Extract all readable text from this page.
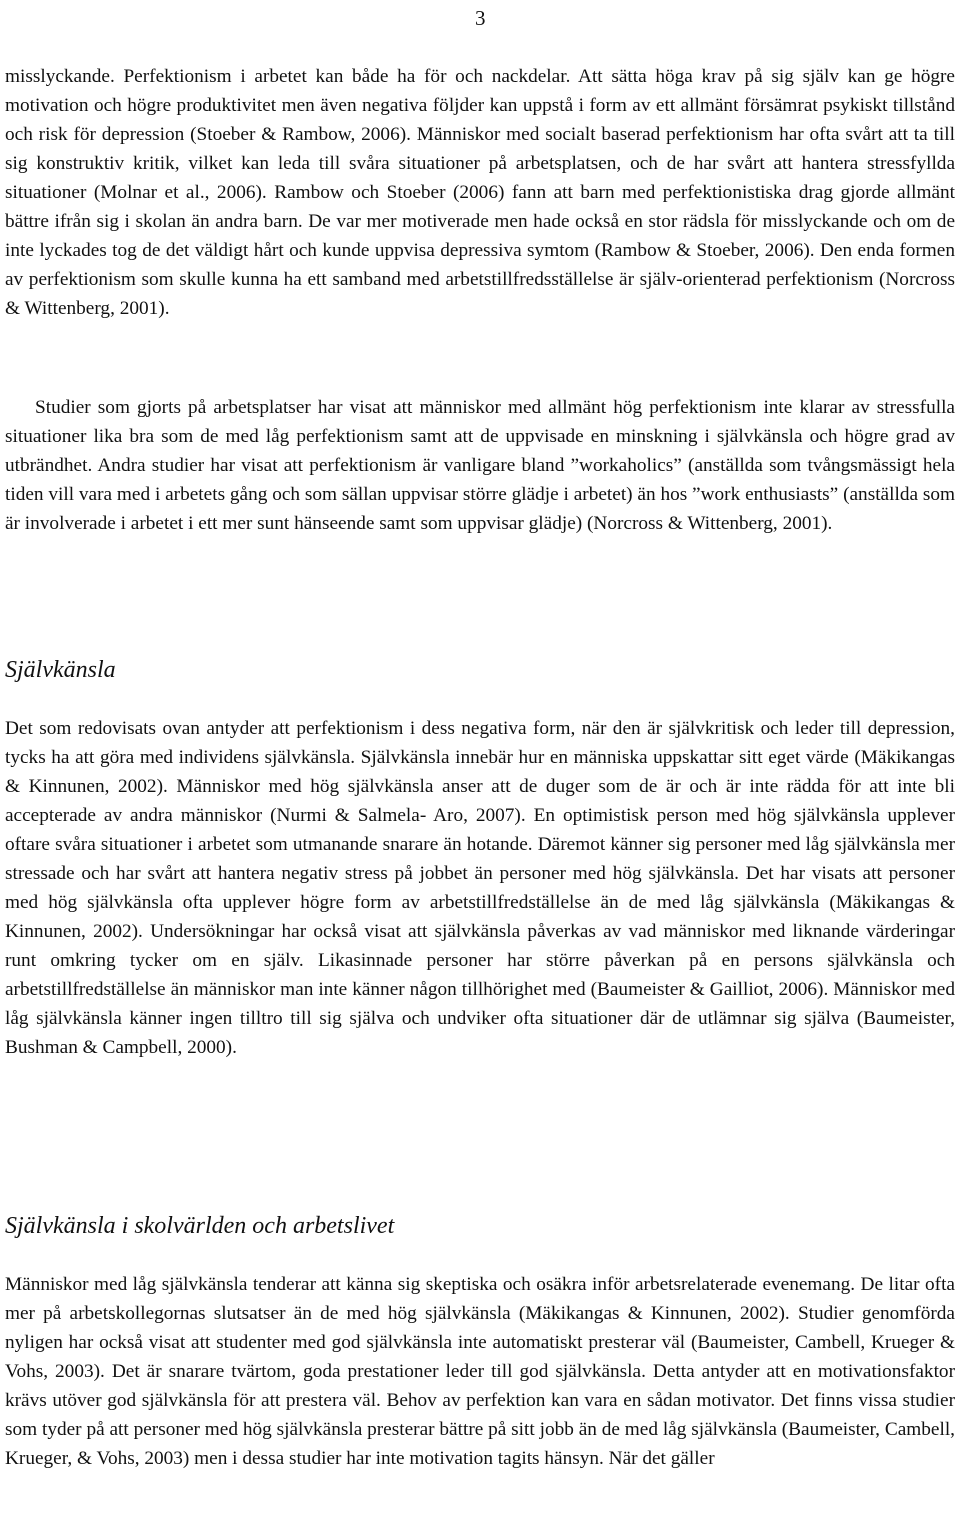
3

misslyckande. Perfektionism i arbetet kan både ha för och nackdelar. Att sätta höga krav på sig själv kan ge högre motivation och högre produktivitet men även negativa följder kan uppstå i form av ett allmänt försämrat psykiskt tillstånd och risk för depression (Stoeber & Rambow, 2006). Människor med socialt baserad perfektionism har ofta svårt att ta till sig konstruktiv kritik, vilket kan leda till svåra situationer på arbetsplatsen, och de har svårt att hantera stressfyllda situationer (Molnar et al., 2006). Rambow och Stoeber (2006) fann att barn med perfektionistiska drag gjorde allmänt bättre ifrån sig i skolan än andra barn. De var mer motiverade men hade också en stor rädsla för misslyckande och om de inte lyckades tog de det väldigt hårt och kunde uppvisa depressiva symtom (Rambow & Stoeber, 2006). Den enda formen av perfektionism som skulle kunna ha ett samband med arbetstillfredsställelse är själv-orienterad perfektionism (Norcross & Wittenberg, 2001).

Studier som gjorts på arbetsplatser har visat att människor med allmänt hög perfektionism inte klarar av stressfulla situationer lika bra som de med låg perfektionism samt att de uppvisade en minskning i självkänsla och högre grad av utbrändhet. Andra studier har visat att perfektionism är vanligare bland ”workaholics” (anställda som tvångsmässigt hela tiden vill vara med i arbetets gång och som sällan uppvisar större glädje i arbetet) än hos ”work enthusiasts” (anställda som är involverade i arbetet i ett mer sunt hänseende samt som uppvisar glädje) (Norcross & Wittenberg, 2001).

Självkänsla

Det som redovisats ovan antyder att perfektionism i dess negativa form, när den är självkritisk och leder till depression, tycks ha att göra med individens självkänsla. Självkänsla innebär hur en människa uppskattar sitt eget värde (Mäkikangas & Kinnunen, 2002). Människor med hög självkänsla anser att de duger som de är och är inte rädda för att inte bli accepterade av andra människor (Nurmi & Salmela- Aro, 2007). En optimistisk person med hög självkänsla upplever oftare svåra situationer i arbetet som utmanande snarare än hotande. Däremot känner sig personer med låg självkänsla mer stressade och har svårt att hantera negativ stress på jobbet än personer med hög självkänsla. Det har visats att personer med hög självkänsla ofta upplever högre form av arbetstillfredställelse än de med låg självkänsla (Mäkikangas & Kinnunen, 2002). Undersökningar har också visat att självkänsla påverkas av vad människor med liknande värderingar runt omkring tycker om en själv. Likasinnade personer har större påverkan på en persons självkänsla och arbetstillfredställelse än människor man inte känner någon tillhörighet med (Baumeister & Gailliot, 2006). Människor med låg självkänsla känner ingen tilltro till sig själva och undviker ofta situationer där de utlämnar sig själva (Baumeister, Bushman & Campbell, 2000).

Självkänsla i skolvärlden och arbetslivet

Människor med låg självkänsla tenderar att känna sig skeptiska och osäkra inför arbetsrelaterade evenemang. De litar ofta mer på arbetskollegornas slutsatser än de med hög självkänsla (Mäkikangas & Kinnunen, 2002). Studier genomförda nyligen har också visat att studenter med god självkänsla inte automatiskt presterar väl (Baumeister, Cambell, Krueger & Vohs, 2003). Det är snarare tvärtom, goda prestationer leder till god självkänsla. Detta antyder att en motivationsfaktor krävs utöver god självkänsla för att prestera väl. Behov av perfektion kan vara en sådan motivator. Det finns vissa studier som tyder på att personer med hög självkänsla presterar bättre på sitt jobb än de med låg självkänsla (Baumeister, Cambell, Krueger, & Vohs, 2003) men i dessa studier har inte motivation tagits hänsyn. När det gäller
